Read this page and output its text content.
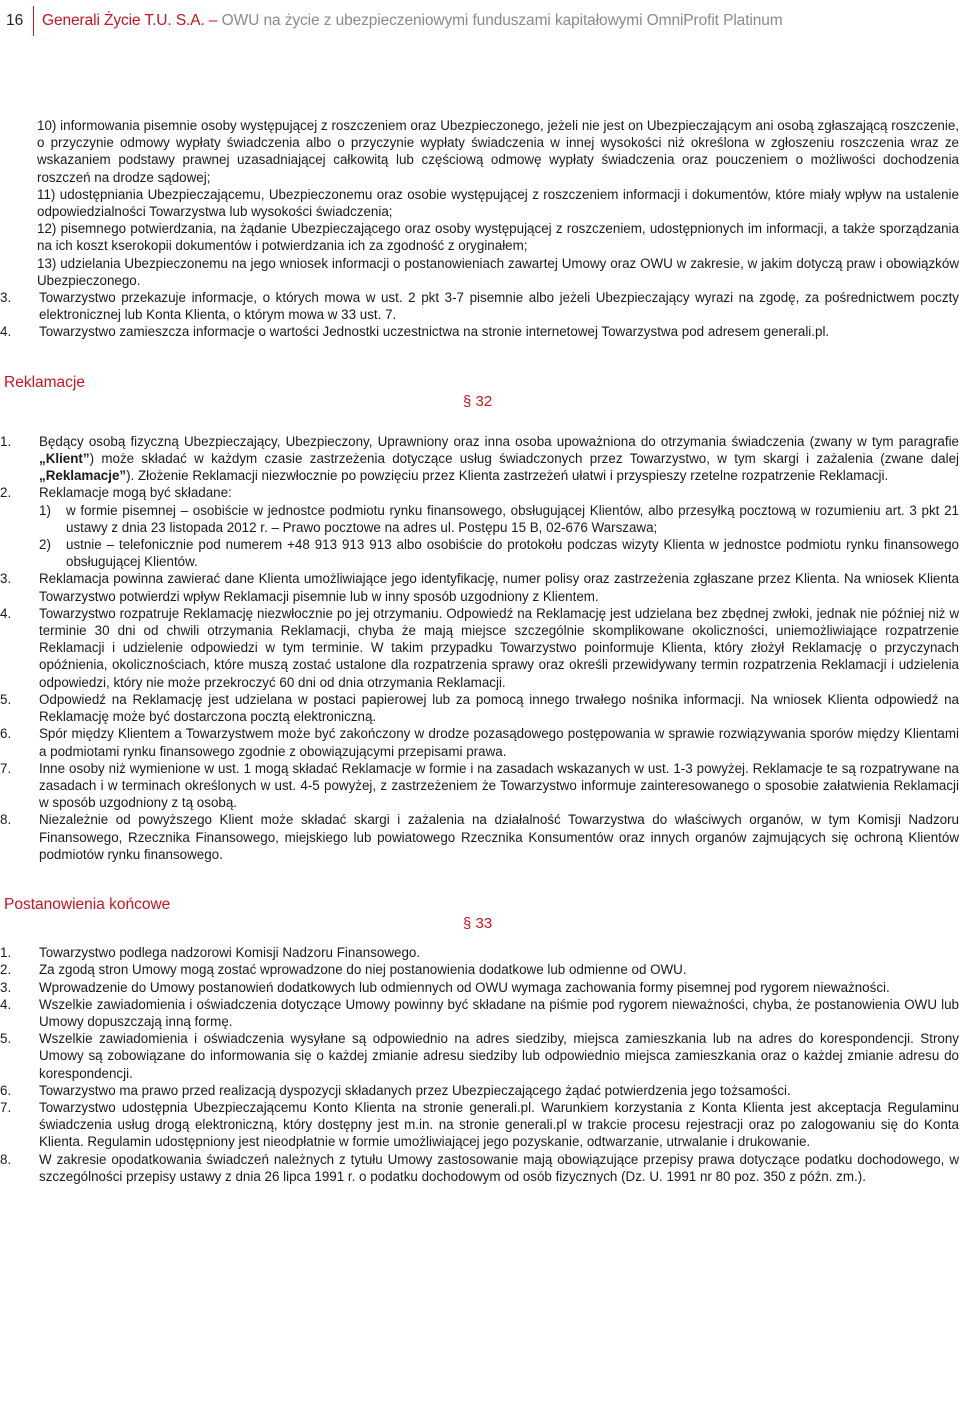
16 Generali Życie T.U. S.A. – OWU na życie z ubezpieczeniowymi funduszami kapitałowymi OmniProfit Platinum

10) informowania pisemnie osoby występującej z roszczeniem oraz Ubezpieczonego, jeżeli nie jest on Ubezpieczającym ani osobą zgłaszającą roszczenie, o przyczynie odmowy wypłaty świadczenia albo o przyczynie wypłaty świadczenia w innej wysokości niż określona w zgłoszeniu roszczenia wraz ze wskazaniem podstawy prawnej uzasadniającej całkowitą lub częściową odmowę wypłaty świadczenia oraz pouczeniem o możliwości dochodzenia roszczeń na drodze sądowej;

11) udostępniania Ubezpieczającemu, Ubezpieczonemu oraz osobie występującej z roszczeniem informacji i dokumentów, które miały wpływ na ustalenie odpowiedzialności Towarzystwa lub wysokości świadczenia;

12) pisemnego potwierdzania, na żądanie Ubezpieczającego oraz osoby występującej z roszczeniem, udostępnionych im informacji, a także sporządzania na ich koszt kserokopii dokumentów i potwierdzania ich za zgodność z oryginałem;

13) udzielania Ubezpieczonemu na jego wniosek informacji o postanowieniach zawartej Umowy oraz OWU w zakresie, w jakim dotyczą praw i obowiązków Ubezpieczonego.

3. Towarzystwo przekazuje informacje, o których mowa w ust. 2 pkt 3-7 pisemnie albo jeżeli Ubezpieczający wyrazi na zgodę, za pośrednictwem poczty elektronicznej lub Konta Klienta, o którym mowa w 33 ust. 7.

4. Towarzystwo zamieszcza informacje o wartości Jednostki uczestnictwa na stronie internetowej Towarzystwa pod adresem generali.pl.

Reklamacje
§ 32

1. Będący osobą fizyczną Ubezpieczający, Ubezpieczony, Uprawniony oraz inna osoba upoważniona do otrzymania świadczenia (zwany w tym paragrafie „Klient”) może składać w każdym czasie zastrzeżenia dotyczące usług świadczonych przez Towarzystwo, w tym skargi i zażalenia (zwane dalej „Reklamacje”). Złożenie Reklamacji niezwłocznie po powzięciu przez Klienta zastrzeżeń ułatwi i przyspieszy rzetelne rozpatrzenie Reklamacji.

2. Reklamacje mogą być składane:

1) w formie pisemnej – osobiście w jednostce podmiotu rynku finansowego, obsługującej Klientów, albo przesyłką pocztową w rozumieniu art. 3 pkt 21 ustawy z dnia 23 listopada 2012 r. – Prawo pocztowe na adres ul. Postępu 15 B, 02-676 Warszawa;

2) ustnie – telefonicznie pod numerem +48 913 913 913 albo osobiście do protokołu podczas wizyty Klienta w jednostce podmiotu rynku finansowego obsługującej Klientów.

3. Reklamacja powinna zawierać dane Klienta umożliwiające jego identyfikację, numer polisy oraz zastrzeżenia zgłaszane przez Klienta. Na wniosek Klienta Towarzystwo potwierdzi wpływ Reklamacji pisemnie lub w inny sposób uzgodniony z Klientem.

4. Towarzystwo rozpatruje Reklamację niezwłocznie po jej otrzymaniu. Odpowiedź na Reklamację jest udzielana bez zbędnej zwłoki, jednak nie później niż w terminie 30 dni od chwili otrzymania Reklamacji, chyba że mają miejsce szczególnie skomplikowane okoliczności, uniemożliwiające rozpatrzenie Reklamacji i udzielenie odpowiedzi w tym terminie. W takim przypadku Towarzystwo poinformuje Klienta, który złożył Reklamację o przyczynach opóźnienia, okolicznościach, które muszą zostać ustalone dla rozpatrzenia sprawy oraz określi przewidywany termin rozpatrzenia Reklamacji i udzielenia odpowiedzi, który nie może przekroczyć 60 dni od dnia otrzymania Reklamacji.

5. Odpowiedź na Reklamację jest udzielana w postaci papierowej lub za pomocą innego trwałego nośnika informacji. Na wniosek Klienta odpowiedź na Reklamację może być dostarczona pocztą elektroniczną.

6. Spór między Klientem a Towarzystwem może być zakończony w drodze pozasądowego postępowania w sprawie rozwiązywania sporów między Klientami a podmiotami rynku finansowego zgodnie z obowiązującymi przepisami prawa.

7. Inne osoby niż wymienione w ust. 1 mogą składać Reklamacje w formie i na zasadach wskazanych w ust. 1-3 powyżej. Reklamacje te są rozpatrywane na zasadach i w terminach określonych w ust. 4-5 powyżej, z zastrzeżeniem że Towarzystwo informuje zainteresowanego o sposobie załatwienia Reklamacji w sposób uzgodniony z tą osobą.

8. Niezależnie od powyższego Klient może składać skargi i zażalenia na działalność Towarzystwa do właściwych organów, w tym Komisji Nadzoru Finansowego, Rzecznika Finansowego, miejskiego lub powiatowego Rzecznika Konsumentów oraz innych organów zajmujących się ochroną Klientów podmiotów rynku finansowego.

Postanowienia końcowe
§ 33

1. Towarzystwo podlega nadzorowi Komisji Nadzoru Finansowego.

2. Za zgodą stron Umowy mogą zostać wprowadzone do niej postanowienia dodatkowe lub odmienne od OWU.

3. Wprowadzenie do Umowy postanowień dodatkowych lub odmiennych od OWU wymaga zachowania formy pisemnej pod rygorem nieważności.

4. Wszelkie zawiadomienia i oświadczenia dotyczące Umowy powinny być składane na piśmie pod rygorem nieważności, chyba, że postanowienia OWU lub Umowy dopuszczają inną formę.

5. Wszelkie zawiadomienia i oświadczenia wysyłane są odpowiednio na adres siedziby, miejsca zamieszkania lub na adres do korespondencji. Strony Umowy są zobowiązane do informowania się o każdej zmianie adresu siedziby lub odpowiednio miejsca zamieszkania oraz o każdej zmianie adresu do korespondencji.

6. Towarzystwo ma prawo przed realizacją dyspozycji składanych przez Ubezpieczającego żądać potwierdzenia jego tożsamości.

7. Towarzystwo udostępnia Ubezpieczającemu Konto Klienta na stronie generali.pl. Warunkiem korzystania z Konta Klienta jest akceptacja Regulaminu świadczenia usług drogą elektroniczną, który dostępny jest m.in. na stronie generali.pl w trakcie procesu rejestracji oraz po zalogowaniu się do Konta Klienta. Regulamin udostępniony jest nieodpłatnie w formie umożliwiającej jego pozyskanie, odtwarzanie, utrwalanie i drukowanie.

8. W zakresie opodatkowania świadczeń należnych z tytułu Umowy zastosowanie mają obowiązujące przepisy prawa dotyczące podatku dochodowego, w szczególności przepisy ustawy z dnia 26 lipca 1991 r. o podatku dochodowym od osób fizycznych (Dz. U. 1991 nr 80 poz. 350 z późn. zm.).
